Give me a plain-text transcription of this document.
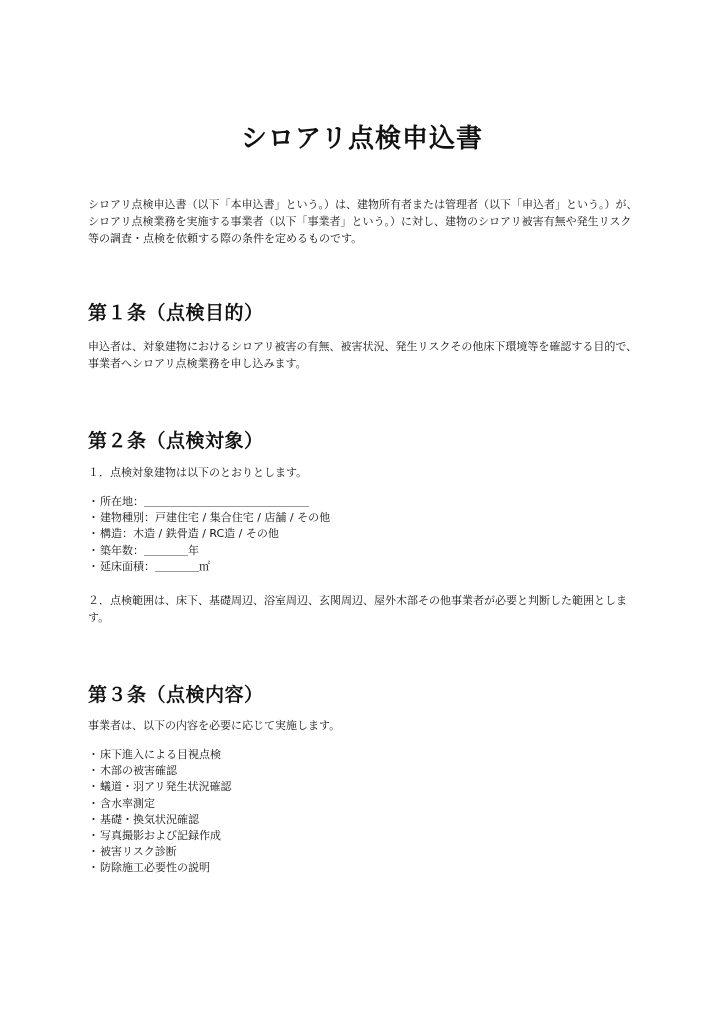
シロアリ点検申込書

シロアリ点検申込書（以下「本申込書」という。）は、建物所有者または管理者（以下「申込者」という。）が、シロアリ点検業務を実施する事業者（以下「事業者」という。）に対し、建物のシロアリ被害有無や発生リスク等の調査・点検を依頼する際の条件を定めるものです。

第１条（点検目的）

申込者は、対象建物におけるシロアリ被害の有無、被害状況、発生リスクその他床下環境等を確認する目的で、事業者へシロアリ点検業務を申し込みます。

第２条（点検対象）

１．点検対象建物は以下のとおりとします。

・ 所在地：＿＿＿＿＿＿＿＿＿＿＿＿＿＿＿
・ 建物種別：戸建住宅 / 集合住宅 / 店舗 / その他
・ 構造：木造 / 鉄骨造 / RC造 / その他
・ 築年数：＿＿＿＿年
・ 延床面積：＿＿＿＿㎡

２．点検範囲は、床下、基礎周辺、浴室周辺、玄関周辺、屋外木部その他事業者が必要と判断した範囲とします。

第３条（点検内容）

事業者は、以下の内容を必要に応じて実施します。

・ 床下進入による目視点検
・ 木部の被害確認
・ 蟻道・羽アリ発生状況確認
・ 含水率測定
・ 基礎・換気状況確認
・ 写真撮影および記録作成
・ 被害リスク診断
・ 防除施工必要性の説明
